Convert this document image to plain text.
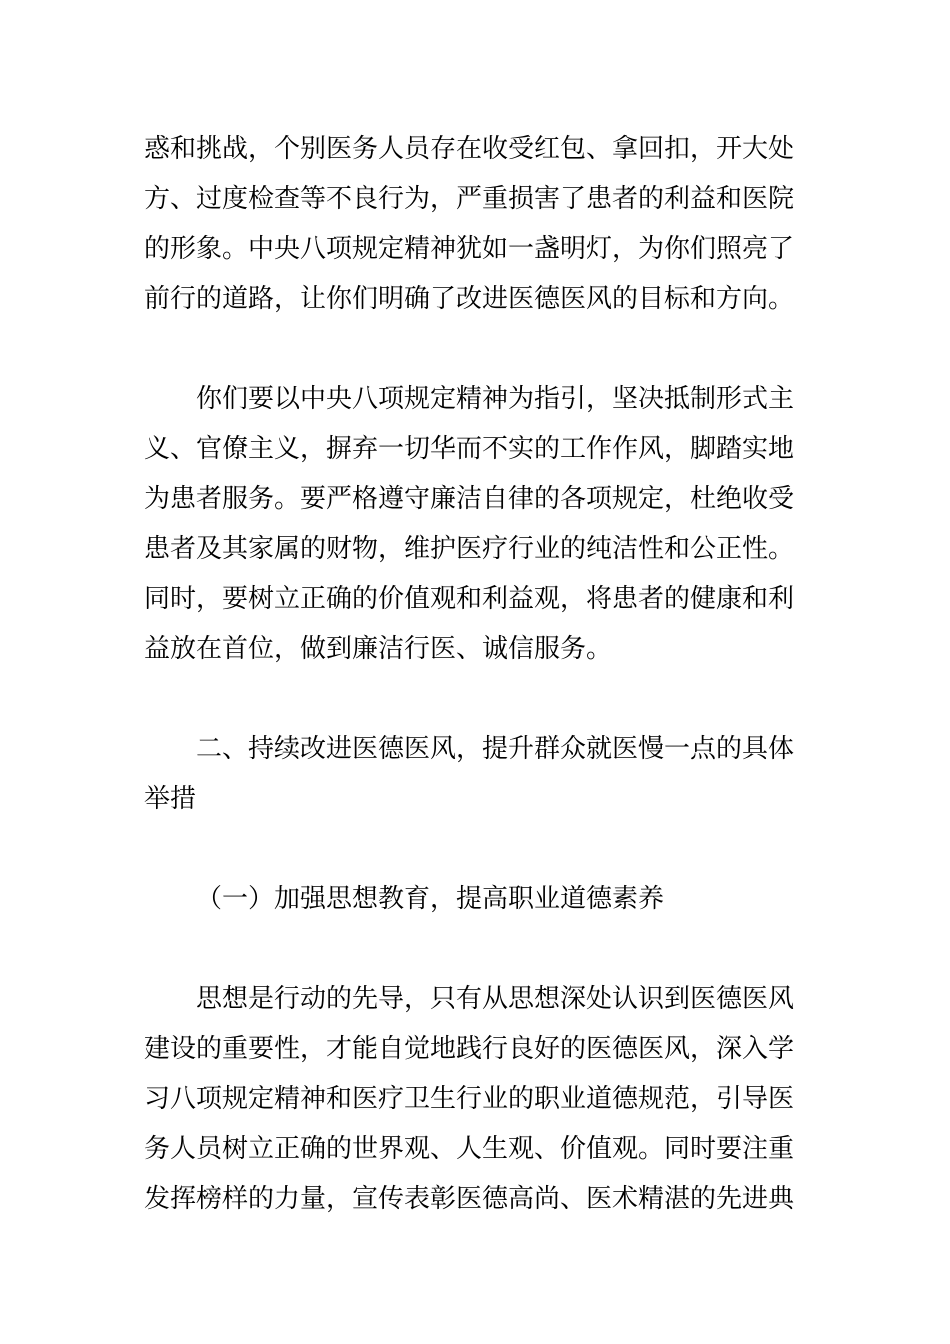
惑和挑战，个别医务人员存在收受红包、拿回扣，开大处
方、过度检查等不良行为，严重损害了患者的利益和医院
的形象。中央八项规定精神犹如一盏明灯，为你们照亮了
前行的道路，让你们明确了改进医德医风的目标和方向。
你们要以中央八项规定精神为指引，坚决抵制形式主
义、官僚主义，摒弃一切华而不实的工作作风，脚踏实地
为患者服务。要严格遵守廉洁自律的各项规定，杜绝收受
患者及其家属的财物，维护医疗行业的纯洁性和公正性。
同时，要树立正确的价值观和利益观，将患者的健康和利
益放在首位，做到廉洁行医、诚信服务。
二、持续改进医德医风，提升群众就医慢一点的具体
举措
（一）加强思想教育，提高职业道德素养
思想是行动的先导，只有从思想深处认识到医德医风
建设的重要性，才能自觉地践行良好的医德医风，深入学
习八项规定精神和医疗卫生行业的职业道德规范，引导医
务人员树立正确的世界观、人生观、价值观。同时要注重
发挥榜样的力量，宣传表彰医德高尚、医术精湛的先进典
